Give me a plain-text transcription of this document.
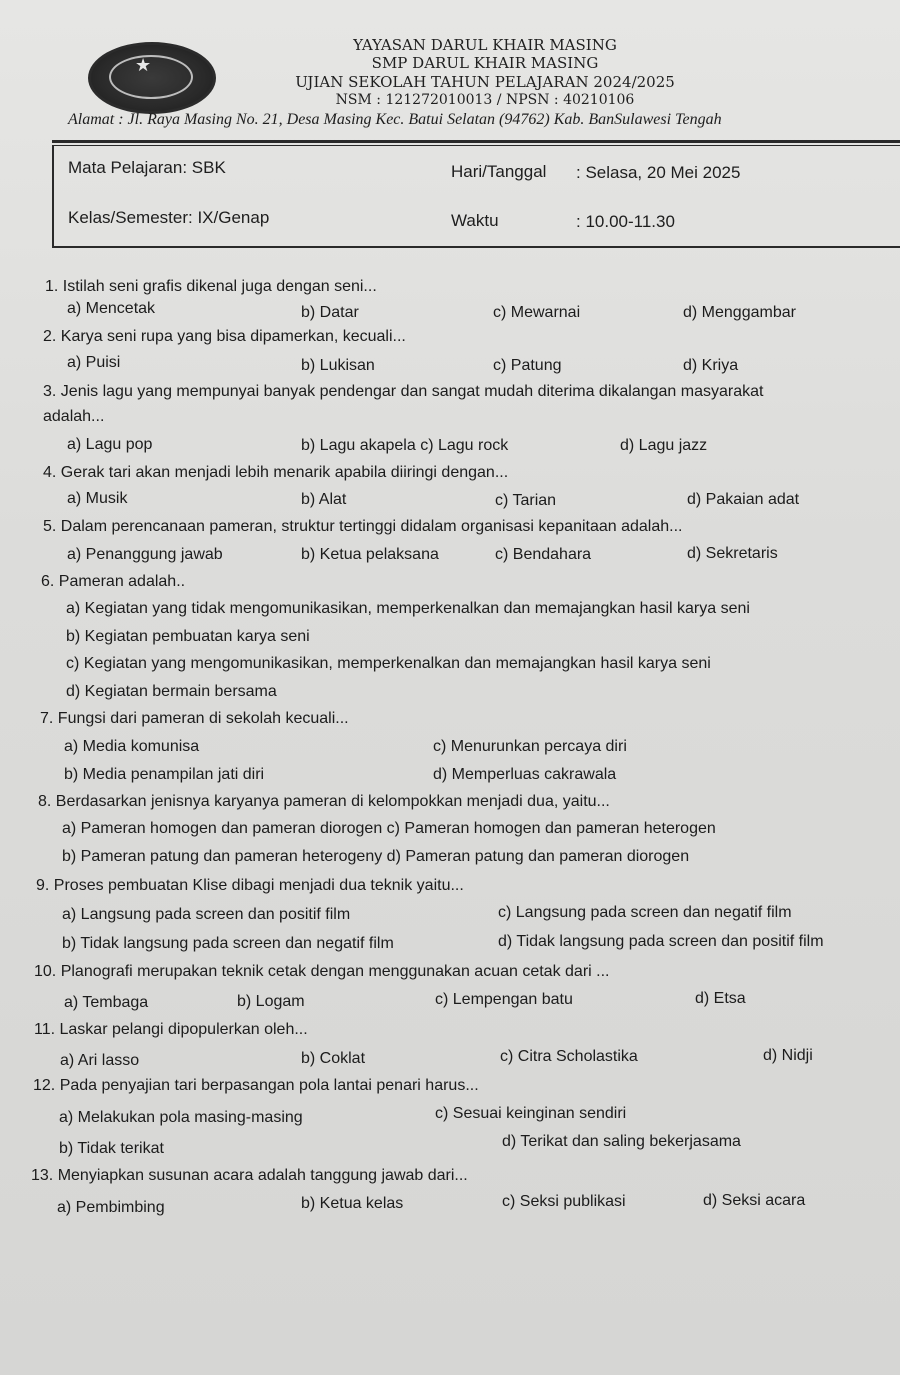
★
YAYASAN DARUL KHAIR MASING
SMP DARUL KHAIR MASING
UJIAN SEKOLAH TAHUN PELAJARAN 2024/2025
NSM : 121272010013 / NPSN : 40210106
Alamat : Jl. Raya Masing No. 21, Desa Masing Kec. Batui Selatan (94762) Kab. BanSulawesi Tengah
Mata Pelajaran: SBK	Hari/Tanggal : Selasa, 20 Mei 2025
Kelas/Semester: IX/Genap	Waktu	: 10.00-11.30
1. Istilah seni grafis dikenal juga dengan seni...
a) Mencetak	b) Datar	c) Mewarnai	d) Menggambar
2. Karya seni rupa yang bisa dipamerkan, kecuali...
a) Puisi	b) Lukisan	c) Patung	d) Kriya
3. Jenis lagu yang mempunyai banyak pendengar dan sangat mudah diterima dikalangan masyarakat
adalah...
a) Lagu pop	b) Lagu akapela c) Lagu rock	d) Lagu jazz
4. Gerak tari akan menjadi lebih menarik apabila diiringi dengan...
a) Musik	b) Alat	c) Tarian	d) Pakaian adat
5. Dalam perencanaan pameran, struktur tertinggi didalam organisasi kepanitaan adalah...
a) Penanggung jawab	b) Ketua pelaksana	c) Bendahara	d) Sekretaris
6. Pameran adalah..
a) Kegiatan yang tidak mengomunikasikan, memperkenalkan dan memajangkan hasil karya seni
b) Kegiatan pembuatan karya seni
c) Kegiatan yang mengomunikasikan, memperkenalkan dan memajangkan hasil karya seni
d) Kegiatan bermain bersama
7. Fungsi dari pameran di sekolah kecuali...
a) Media komunisa	c) Menurunkan percaya diri
b) Media penampilan jati diri	d) Memperluas cakrawala
8. Berdasarkan jenisnya karyanya pameran di kelompokkan menjadi dua, yaitu...
a) Pameran homogen dan pameran diorogen c) Pameran homogen dan pameran heterogen
b) Pameran patung dan pameran heterogeny d) Pameran patung dan pameran diorogen
9. Proses pembuatan Klise dibagi menjadi dua teknik yaitu...
a) Langsung pada screen dan positif film	c) Langsung pada screen dan negatif film
b) Tidak langsung pada screen dan negatif film	d) Tidak langsung pada screen dan positif film
10. Planografi merupakan teknik cetak dengan menggunakan acuan cetak dari ...
a) Tembaga	b) Logam	c) Lempengan batu	d) Etsa
11. Laskar pelangi dipopulerkan oleh...
a) Ari lasso	b) Coklat	c) Citra Scholastika	d) Nidji
12. Pada penyajian tari berpasangan pola lantai penari harus...
a) Melakukan pola masing-masing	c) Sesuai keinginan sendiri
b) Tidak terikat	d) Terikat dan saling bekerjasama
13. Menyiapkan susunan acara adalah tanggung jawab dari...
a) Pembimbing	b) Ketua kelas	c) Seksi publikasi	d) Seksi acara
